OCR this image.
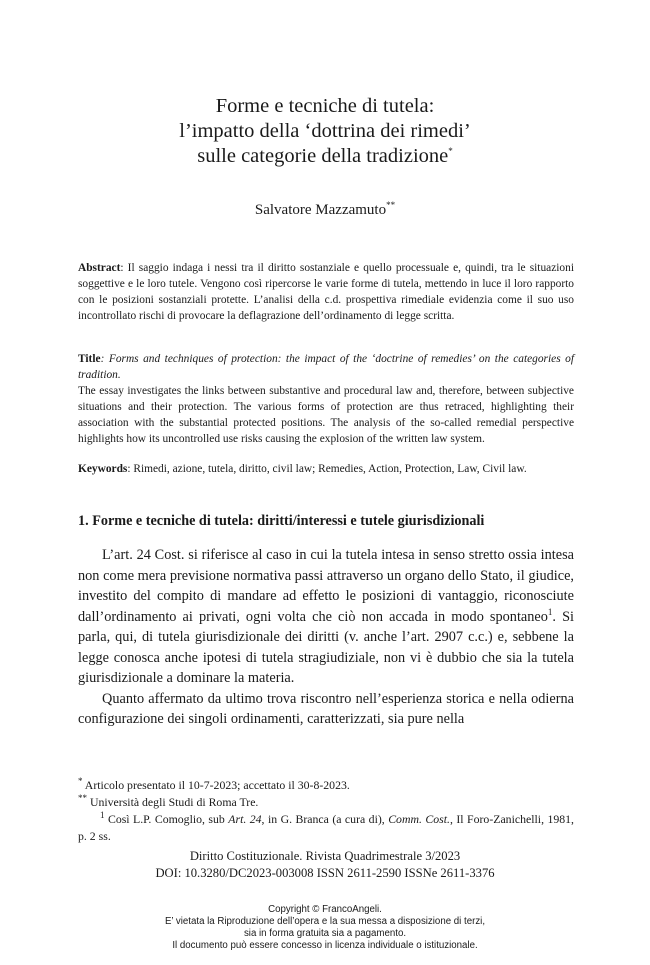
Forme e tecniche di tutela:
l’impatto della ‘dottrina dei rimedi’
sulle categorie della tradizione*
Salvatore Mazzamuto**
Abstract: Il saggio indaga i nessi tra il diritto sostanziale e quello processuale e, quindi, tra le situazioni soggettive e le loro tutele. Vengono così ripercorse le varie forme di tutela, mettendo in luce il loro rapporto con le posizioni sostanziali protette. L’analisi della c.d. prospettiva rimediale evidenzia come il suo uso incontrollato rischi di provocare la deflagrazione dell’ordinamento di legge scritta.
Title: Forms and techniques of protection: the impact of the ‘doctrine of remedies’ on the categories of tradition.
The essay investigates the links between substantive and procedural law and, therefore, between subjective situations and their protection. The various forms of protection are thus retraced, highlighting their association with the substantial protected positions. The analysis of the so-called remedial perspective highlights how its uncontrolled use risks causing the explosion of the written law system.
Keywords: Rimedi, azione, tutela, diritto, civil law; Remedies, Action, Protection, Law, Civil law.
1. Forme e tecniche di tutela: diritti/interessi e tutele giurisdizionali

L’art. 24 Cost. si riferisce al caso in cui la tutela intesa in senso stretto ossia intesa non come mera previsione normativa passi attraverso un organo dello Stato, il giudice, investito del compito di mandare ad effetto le posizioni di vantaggio, riconosciute dall’ordinamento ai privati, ogni volta che ciò non accada in modo spontaneo$^1$. Si parla, qui, di tutela giurisdizionale dei diritti (v. anche l’art. 2907 c.c.) e, sebbene la legge conosca anche ipotesi di tutela stragiudiziale, non vi è dubbio che sia la tutela giurisdizionale a dominare la materia.

Quanto affermato da ultimo trova riscontro nell’esperienza storica e nella odierna configurazione dei singoli ordinamenti, caratterizzati, sia pure nella

* Articolo presentato il 10-7-2023; accettato il 30-8-2023.
** Università degli Studi di Roma Tre.
$^1$ Così L.P. Comoglio, sub Art. 24, in G. Branca (a cura di), Comm. Cost., Il Foro-Zanichelli, 1981, p. 2 ss.
Diritto Costituzionale. Rivista Quadrimestrale 3/2023
DOI: 10.3280/DC2023-003008 ISSN 2611-2590 ISSNe 2611-3376
Copyright © FrancoAngeli.
E’ vietata la Riproduzione dell’opera e la sua messa a disposizione di terzi,
sia in forma gratuita sia a pagamento.
Il documento può essere concesso in licenza individuale o istituzionale.
